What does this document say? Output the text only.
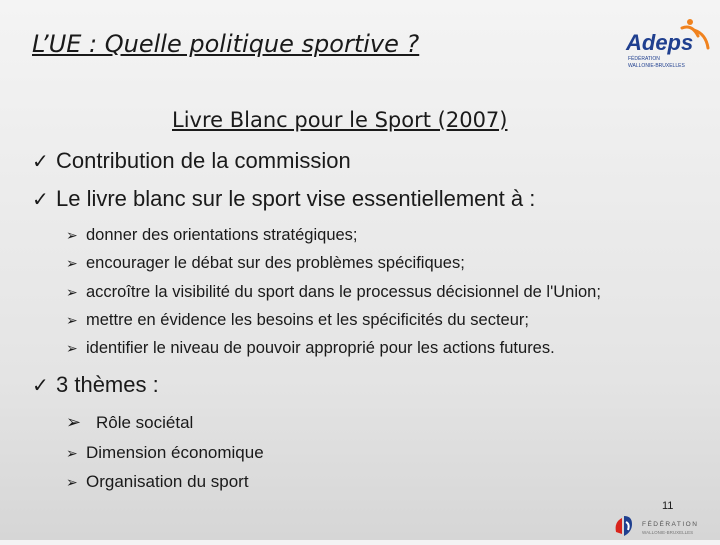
L’UE : Quelle politique sportive ?	Adeps
FÉDÉRATION
WALLONIE-BRUXELLES
Livre Blanc pour le Sport (2007)
✓ Contribution de la commission
✓ Le livre blanc sur le sport vise essentiellement à :
➢ donner des orientations stratégiques;
➢ encourager le débat sur des problèmes spécifiques;
➢ accroître la visibilité du sport dans le processus décisionnel de l'Union;
➢ mettre en évidence les besoins et les spécificités du secteur;
➢ identifier le niveau de pouvoir approprié pour les actions futures.
✓ 3 thèmes :
➢ Rôle sociétal
➢ Dimension économique
➢ Organisation du sport
11
FÉDÉRATION
WALLONIE-BRUXELLES
